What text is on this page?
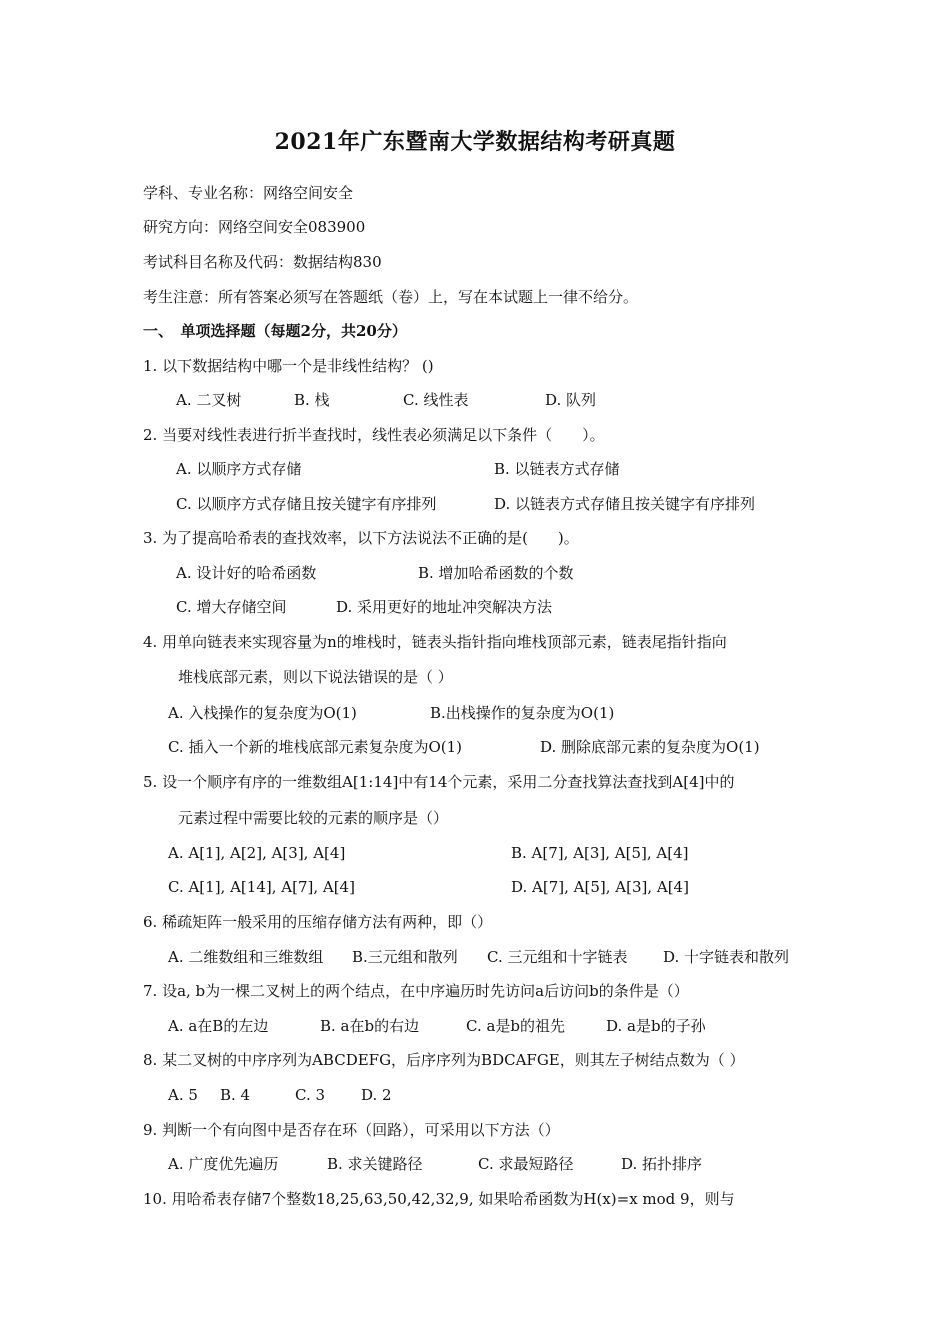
2021年广东暨南大学数据结构考研真题
学科、专业名称：网络空间安全
研究方向：网络空间安全083900
考试科目名称及代码：数据结构830
考生注意：所有答案必须写在答题纸（卷）上，写在本试题上一律不给分。
一、　单项选择题（每题2分，共20分）
1. 以下数据结构中哪一个是非线性结构？ ()
A. 二叉树	B. 栈	C. 线性表	D. 队列
2. 当要对线性表进行折半查找时，线性表必须满足以下条件（　　）。
A. 以顺序方式存储	B. 以链表方式存储
C. 以顺序方式存储且按关键字有序排列	D. 以链表方式存储且按关键字有序排列
3. 为了提高哈希表的查找效率，以下方法说法不正确的是(　　)。
A. 设计好的哈希函数	B. 增加哈希函数的个数
C. 增大存储空间	D. 采用更好的地址冲突解决方法
4. 用单向链表来实现容量为n的堆栈时，链表头指针指向堆栈顶部元素，链表尾指针指向
堆栈底部元素，则以下说法错误的是（ ）
A. 入栈操作的复杂度为O(1)	B.出栈操作的复杂度为O(1)
C. 插入一个新的堆栈底部元素复杂度为O(1)	D. 删除底部元素的复杂度为O(1)
5. 设一个顺序有序的一维数组A[1:14]中有14个元素，采用二分查找算法查找到A[4]中的
元素过程中需要比较的元素的顺序是（）
A. A[1], A[2], A[3], A[4]	B. A[7], A[3], A[5], A[4]
C. A[1], A[14], A[7], A[4]	D. A[7], A[5], A[3], A[4]
6. 稀疏矩阵一般采用的压缩存储方法有两种，即（）
A. 二维数组和三维数组 B.三元组和散列 C. 三元组和十字链表 D. 十字链表和散列
7. 设a, b为一棵二叉树上的两个结点，在中序遍历时先访问a后访问b的条件是（）
A. a在B的左边	B. a在b的右边	C. a是b的祖先	D. a是b的子孙
8. 某二叉树的中序序列为ABCDEFG，后序序列为BDCAFGE，则其左子树结点数为（ ）
A. 5 B. 4	C. 3 D. 2
9. 判断一个有向图中是否存在环（回路），可采用以下方法（）
A. 广度优先遍历	B. 求关键路径	C. 求最短路径	D. 拓扑排序
10. 用哈希表存储7个整数18,25,63,50,42,32,9, 如果哈希函数为H(x)=x mod 9，则与
